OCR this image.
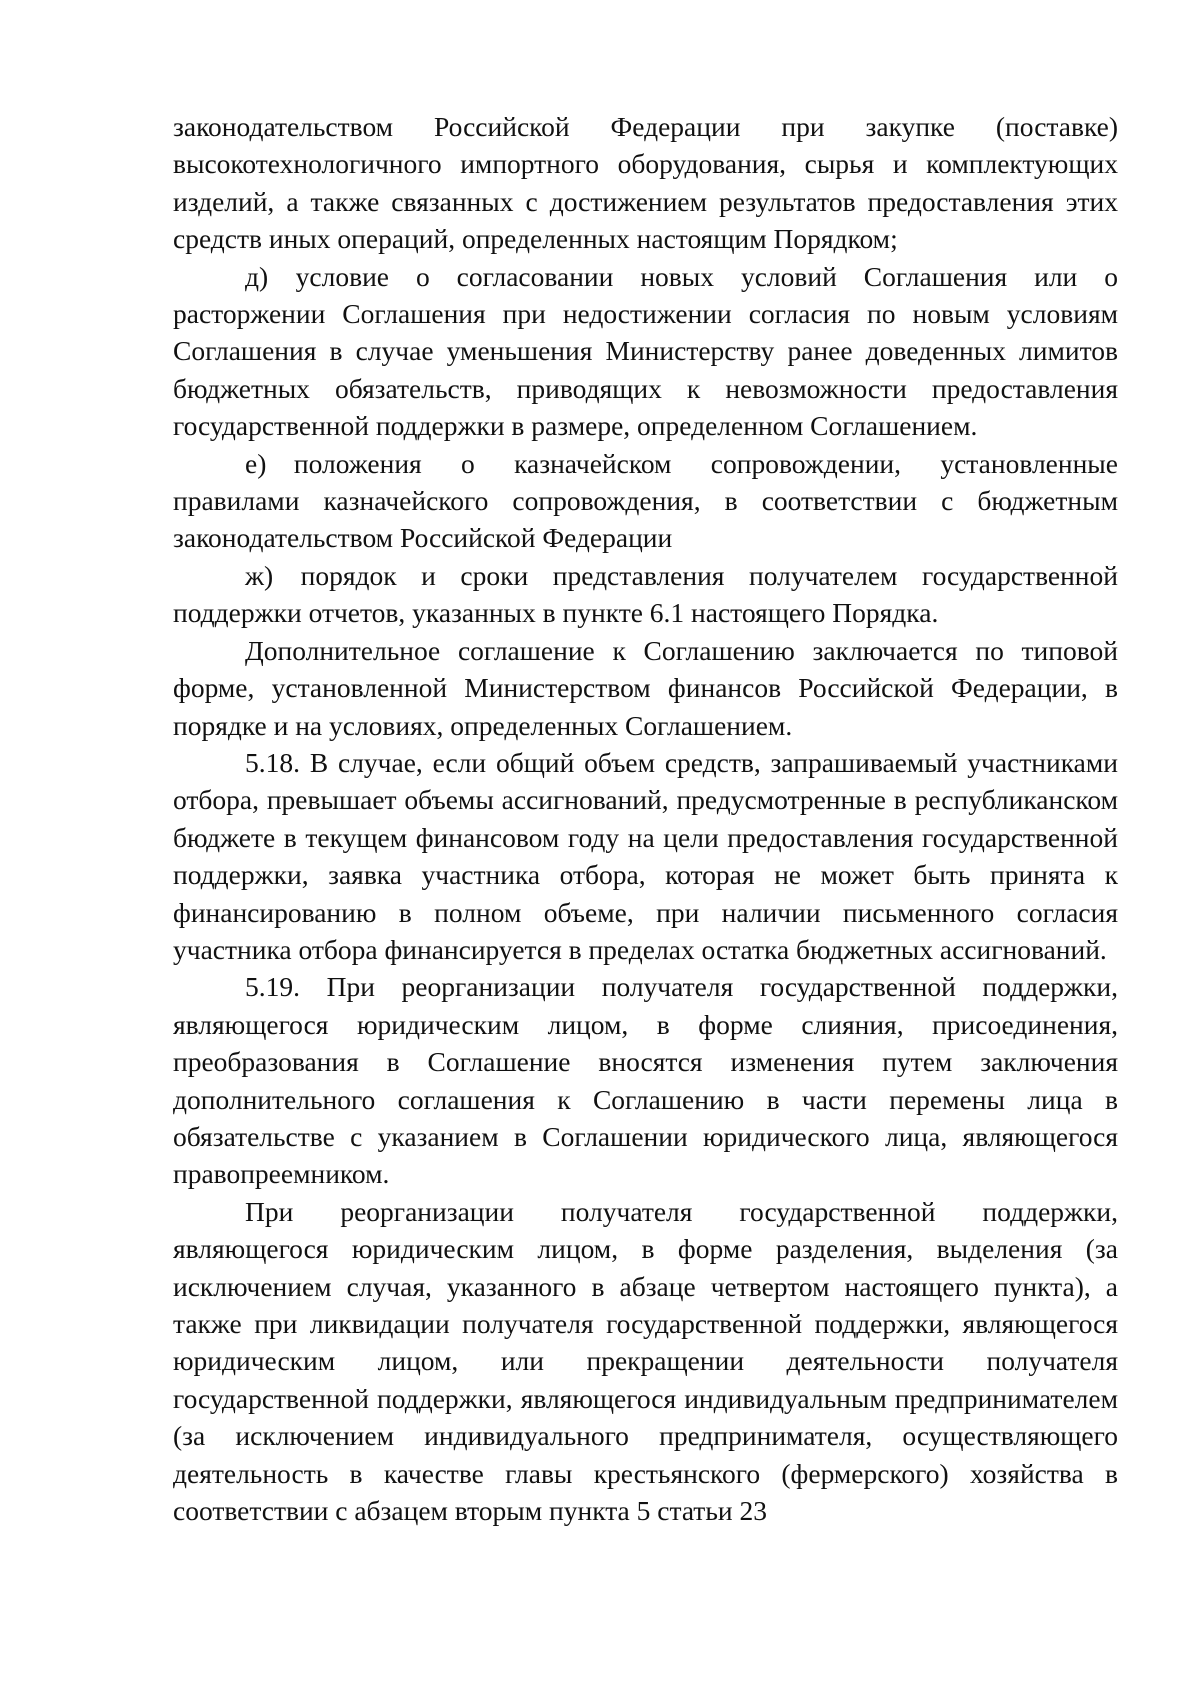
законодательством Российской Федерации при закупке (поставке) высокотехнологичного импортного оборудования, сырья и комплектующих изделий, а также связанных с достижением результатов предоставления этих средств иных операций, определенных настоящим Порядком;

д) условие о согласовании новых условий Соглашения или о расторжении Соглашения при недостижении согласия по новым условиям Соглашения в случае уменьшения Министерству ранее доведенных лимитов бюджетных обязательств, приводящих к невозможности предоставления государственной поддержки в размере, определенном Соглашением.

е) положения о казначейском сопровождении, установленные правилами казначейского сопровождения, в соответствии с бюджетным законодательством Российской Федерации

ж) порядок и сроки представления получателем государственной поддержки отчетов, указанных в пункте 6.1 настоящего Порядка.

Дополнительное соглашение к Соглашению заключается по типовой форме, установленной Министерством финансов Российской Федерации, в порядке и на условиях, определенных Соглашением.

5.18. В случае, если общий объем средств, запрашиваемый участниками отбора, превышает объемы ассигнований, предусмотренные в республиканском бюджете в текущем финансовом году на цели предоставления государственной поддержки, заявка участника отбора, которая не может быть принята к финансированию в полном объеме, при наличии письменного согласия участника отбора финансируется в пределах остатка бюджетных ассигнований.

5.19. При реорганизации получателя государственной поддержки, являющегося юридическим лицом, в форме слияния, присоединения, преобразования в Соглашение вносятся изменения путем заключения дополнительного соглашения к Соглашению в части перемены лица в обязательстве с указанием в Соглашении юридического лица, являющегося правопреемником.

При реорганизации получателя государственной поддержки, являющегося юридическим лицом, в форме разделения, выделения (за исключением случая, указанного в абзаце четвертом настоящего пункта), а также при ликвидации получателя государственной поддержки, являющегося юридическим лицом, или прекращении деятельности получателя государственной поддержки, являющегося индивидуальным предпринимателем (за исключением индивидуального предпринимателя, осуществляющего деятельность в качестве главы крестьянского (фермерского) хозяйства в соответствии с абзацем вторым пункта 5 статьи 23
